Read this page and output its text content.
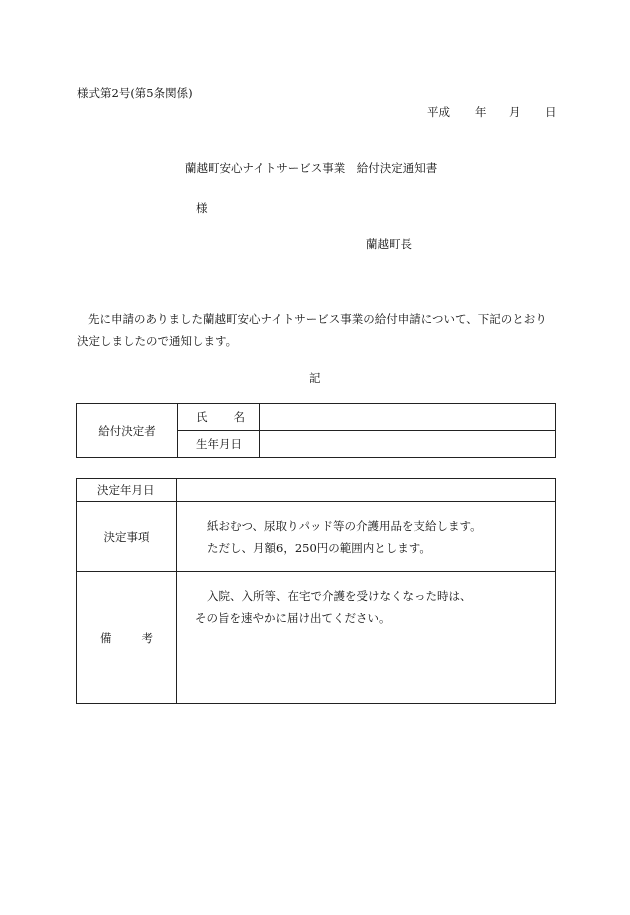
様式第2号(第5条関係)
平成 年 月 日
蘭越町安心ナイトサービス事業　給付決定通知書
様
蘭越町長
先に申請のありました蘭越町安心ナイトサービス事業の給付申請について、下記のとおり決定しましたので通知します。
記
給付決定者	氏 名	
	生年月日	
決定年月日	
決定事項	紙おむつ、尿取りパッド等の介護用品を支給します。
ただし、月額6，250円の範囲内とします。

備 考	入院、入所等、在宅で介護を受けなくなった時は、
その旨を速やかに届け出てください。
